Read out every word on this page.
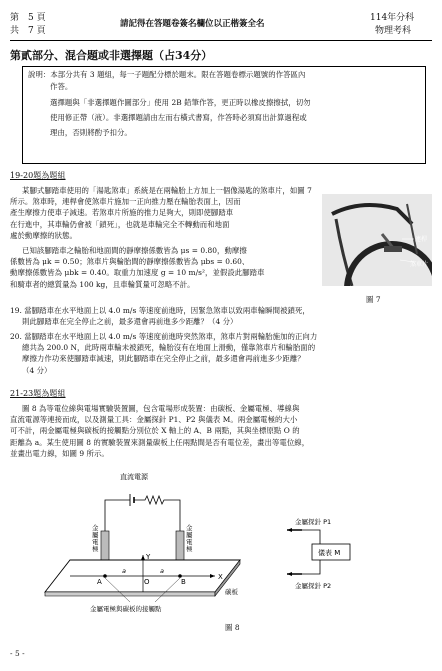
第　5 頁
共　7 頁
請記得在答題卷簽名欄位以正楷簽全名
114年分科
物理考科
第貳部分、混合題或非選擇題（占34分）
說明：本部分共有 3 題組，每一子題配分標於題末。限在答題卷標示題號的作答區內
作答。
選擇題與「非選擇題作圖部分」使用 2B 鉛筆作答，更正時以橡皮擦擦拭，切勿
使用修正帶（液）。非選擇題請由左而右橫式書寫，作答時必須寫出計算過程或
理由，否則將酌予扣分。
19-20題為題組
某腳式腳踏車使用的「湯匙煞車」系統是在兩輪胎上方加上一個像湯匙的煞車片，如圖 7
所示。煞車時，連桿會使煞車片施加一正向推力壓在輪胎表面上，因而
產生摩擦力使車子減速。若煞車片所施的推力足夠大，則即使腳踏車
在行進中，其車輪仍會被「鎖死」，也就是車輪完全不轉動而和地面
處於動摩擦的狀態。
已知該腳踏車之輪胎和地面間的靜摩擦係數皆為 μs = 0.80，動摩擦
係數皆為 μk = 0.50；煞車片與輪胎間的靜摩擦係數皆為 μbs = 0.60、
動摩擦係數皆為 μbk = 0.40。取重力加速度 g = 10 m/s²，並假設此腳踏車
和騎車者的總質量為 100 kg，且車輪質量可忽略不計。
連桿
煞車片
圖 7
19. 當腳踏車在水平地面上以 4.0 m/s 等速度前進時，因緊急煞車以致兩車輪瞬間被鎖死，
則此腳踏車在完全停止之前，最多還會再前進多少距離？（4 分）
20. 當腳踏車在水平地面上以 4.0 m/s 等速度前進時突然煞車，煞車片對兩輪胎施加的正向力
總共為 200.0 N，此時兩車輪未被鎖死，輪胎沒有在地面上滑動，僅靠煞車片和輪胎面的
摩擦力作功來使腳踏車減速，則此腳踏車在完全停止之前，最多還會再前進多少距離？
（4 分）
21-23題為題組
圖 8 為等電位線與電場實驗裝置圖，包含電場形成裝置：由碳板、金屬電極、導線與
直流電源等連接而成，以及測量工具：金屬探針 P1、P2 與儀表 M。兩金屬電極的大小
可不計，兩金屬電極與碳板的接觸點分別位於 X 軸上的 A、B 兩點，其與坐標原點 O 的
距離為 a。某生使用圖 8 的實驗裝置來測量碳板上任兩點間是否有電位差，畫出等電位線，
並畫出電力線，如圖 9 所示。
直流電源
金屬電極
金屬電極
Y
X
A	O	B
a	a
碳板
金屬電極與碳板的接觸點
金屬探針 P1
金屬探針 P2
儀表 M
圖 8
- 5 -
